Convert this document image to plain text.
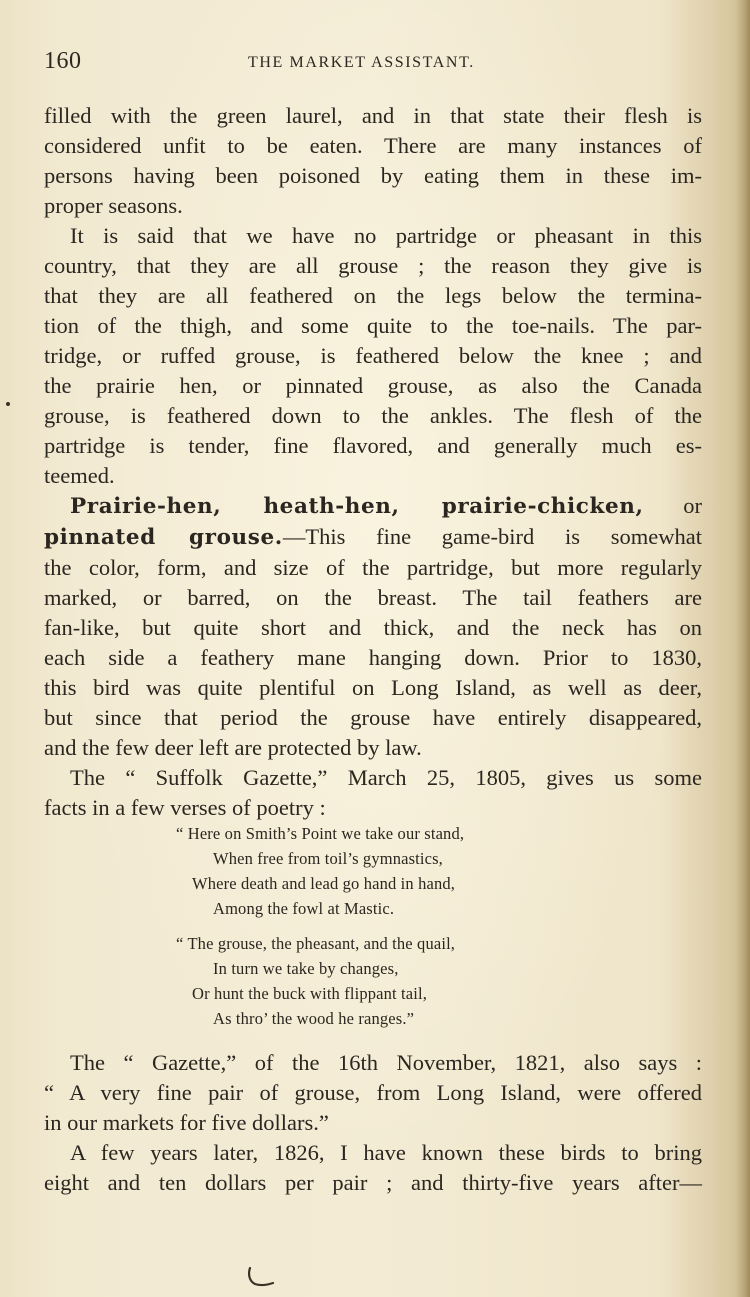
160	THE MARKET ASSISTANT.
filled with the green laurel, and in that state their flesh is
considered unfit to be eaten. There are many instances of
persons having been poisoned by eating them in these im-
proper seasons.
It is said that we have no partridge or pheasant in this
country, that they are all grouse ; the reason they give is
that they are all feathered on the legs below the termina-
tion of the thigh, and some quite to the toe-nails. The par-
tridge, or ruffed grouse, is feathered below the knee ; and
the prairie hen, or pinnated grouse, as also the Canada
grouse, is feathered down to the ankles. The flesh of the
partridge is tender, fine flavored, and generally much es-
teemed.
Prairie-hen, heath-hen, prairie-chicken, or
pinnated grouse.—This fine game-bird is somewhat
the color, form, and size of the partridge, but more regularly
marked, or barred, on the breast. The tail feathers are
fan-like, but quite short and thick, and the neck has on
each side a feathery mane hanging down. Prior to 1830,
this bird was quite plentiful on Long Island, as well as deer,
but since that period the grouse have entirely disappeared,
and the few deer left are protected by law.
The “ Suffolk Gazette,” March 25, 1805, gives us some
facts in a few verses of poetry :
“ Here on Smith’s Point we take our stand,
When free from toil’s gymnastics,
Where death and lead go hand in hand,
Among the fowl at Mastic.
“ The grouse, the pheasant, and the quail,
In turn we take by changes,
Or hunt the buck with flippant tail,
As thro’ the wood he ranges.”
The “ Gazette,” of the 16th November, 1821, also says :
“ A very fine pair of grouse, from Long Island, were offered
in our markets for five dollars.”
A few years later, 1826, I have known these birds to bring
eight and ten dollars per pair ; and thirty-five years after—
